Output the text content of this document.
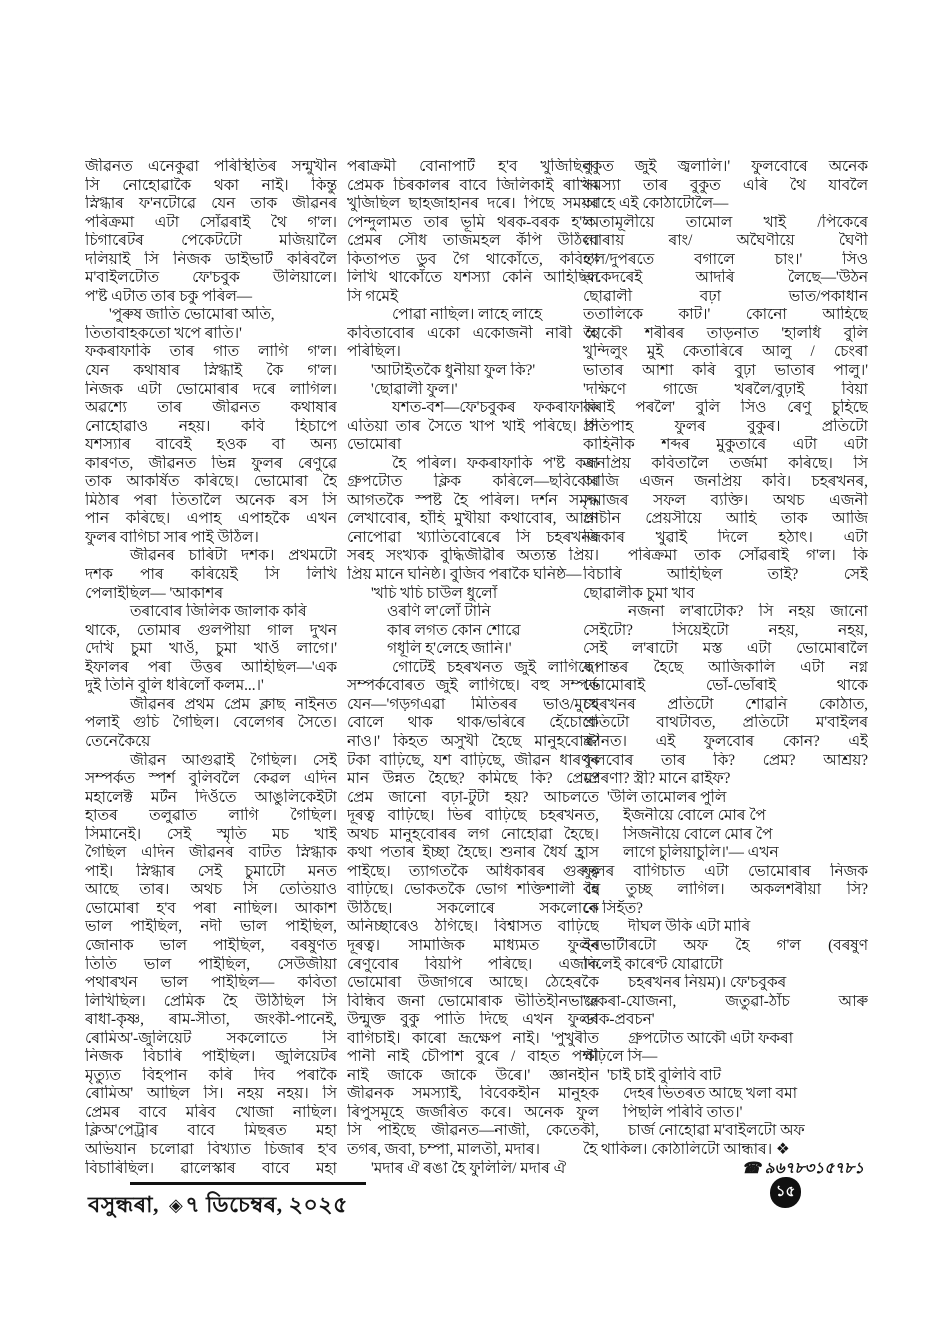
জীৱনত এনেকুৱা পৰিস্থিতিৰ সন্মুখীন
সি নোহোৱাকৈ থকা নাই। কিন্তু
স্নিগ্ধাৰ ফ'নটোৱে যেন তাক জীৱনৰ
পৰিক্ৰমা এটা সোঁৱৰাই থৈ গ'ল।
চিগাৰেটৰ পেকেটটো মজিয়ালৈ
দলিয়াই সি নিজক ডাইভাৰ্ট কৰিবলৈ
ম'বাইলটোত ফে'চবুক উলিয়ালে।
প'ষ্ট এটাত তাৰ চকু পৰিল—
'পুৰুষ জাতি ভোমোৰা অতি,
তিতাবাহকতো খপে ৰাতি।'
ফকৰাফাকি তাৰ গাত লাগি গ'ল।
যেন কথাষাৰ স্নিগ্ধাই কৈ গ'ল।
নিজক এটা ভোমোৰাৰ দৰে লাগিল।
অৱশ্যে তাৰ জীৱনত কথাষাৰ
নোহোৱাও নহয়। কবি হিচাপে
যশস্যাৰ বাবেই হওক বা অন্য
কাৰণত, জীৱনত ভিন্ন ফুলৰ ৰেণুৱে
তাক আকৰ্ষিত কৰিছে। ভোমোৰা হৈ
মিঠাৰ পৰা তিতালৈ অনেক ৰস সি
পান কৰিছে। এপাহ এপাহকৈ এখন
ফুলৰ বাগিচা সাৰ পাই উঠিল।
জীৱনৰ চাৰিটা দশক। প্ৰথমটো
দশক পাৰ কৰিয়েই সি লিখি
পেলাইছিল— 'আকাশৰ
তৰাবোৰ জিলিক জালাক কৰি
থাকে, তোমাৰ গুলপীয়া গাল দুখন
দেখি চুমা খাওঁ, চুমা খাওঁ লাগে।'
ইফালৰ পৰা উত্তৰ আহিছিল—'এক
দুই তিনি বুলি ধৰিলোঁ কলম...।'
জীৱনৰ প্ৰথম প্ৰেম ক্লাছ নাইনত
পলাই গুচি গৈছিল। বেলেগৰ সৈতে।
তেনেকৈয়ে
জীৱন আগুৱাই গৈছিল। সেই
সম্পৰ্কত স্পৰ্শ বুলিবলৈ কেৱল এদিন
মহালেক্ট মৰ্টন দিওঁতে আঙুলিকেইটা
হাতৰ তলুৱাত লাগি গৈছিল।
সিমানেই। সেই স্মৃতি মচ খাই
গৈছিল এদিন জীৱনৰ বাটত স্নিগ্ধাক
পাই। স্নিগ্ধাৰ সেই চুমাটো মনত
আছে তাৰ। অথচ সি তেতিয়াও
ভোমোৰা হ'ব পৰা নাছিল। আকাশ
ভাল পাইছিল, নদী ভাল পাইছিল,
জোনাক ভাল পাইছিল, বৰষুণত
তিতি ভাল পাইছিল, সেউজীয়া
পথাৰখন ভাল পাইছিল— কবিতা
লিখিছিল। প্ৰেমিক হৈ উঠিছিল সি
ৰাধা-কৃষ্ণ, ৰাম-সীতা, জংকী-পানেই,
ৰোমিঅ'-জুলিয়েট সকলোতে সি
নিজক বিচাৰি পাইছিল। জুলিয়েটৰ
মৃত্যুত বিহপান কৰি দিব পৰাকৈ
ৰোমিঅ' আছিল সি। নহয় নহয়। সি
প্ৰেমৰ বাবে মৰিব খোজা নাছিল।
ক্লিঅ'পেট্ৰাৰ বাবে মিছৰত মহা
অভিযান চলোৱা বিখ্যাত চিজাৰ হ'ব
বিচাৰিছিল। ৱালেস্কাৰ বাবে মহা
পৰাক্ৰমী বোনাপাৰ্ট হ'ব খুজিছিল।
প্ৰেমক চিৰকালৰ বাবে জিলিকাই ৰাখিব
খুজিছিল ছাহজাহানৰ দৰে। পিছে সময়ৰ
পেন্দুলামত তাৰ ভূমি থৰক-বৰক হ'ল।
প্ৰেমৰ সৌধ তাজমহল কঁপি উঠিল।
কিতাপত ডুব গৈ থাকোঁতে, কবিতা
লিখি থাকোঁতে যশস্যা কেনি আহিছিল
সি গমেই
পোৱা নাছিল। লাহে লাহে
কবিতাবোৰ একো একোজনী নাৰী হৈ
পৰিছিল।
'আটাইতকৈ ধুনীয়া ফুল কি?'
'ছোৱালী ফুল।'
যশত-বশ—ফে'চবুকৰ ফকৰাফাকি
এতিয়া তাৰ সৈতে খাপ খাই পৰিছে। সি
ভোমোৰা
হৈ পৰিল। ফকৰাফাকি প'ষ্ট কৰা
গ্ৰুপটোত ক্লিক কৰিলে—ছবিবোৰ
আগতকৈ স্পষ্ট হৈ পৰিল। দৰ্শন সমৃদ্ধ
লেখাবোৰ, হাঁহি মুখীয়া কথাবোৰ, আনে
নোপোৱা খ্যাতিবোৰেৰে সি চহৰখনৰ
সৰহ সংখ্যক বুদ্ধিজীৱীৰ অত্যন্ত প্ৰিয়।
প্ৰিয় মানে ঘনিষ্ঠ। বুজিব পৰাকৈ ঘনিষ্ঠ—
'খচি খচি চাউল ধুলোঁ
ওৰণি ল'লোঁ টানি
কাৰ লগত কোন শোৱে
গধূলি হ'লেহে জানি।'
গোটেই চহৰখনত জুই লাগিছে।
সম্পৰ্কবোৰত জুই লাগিছে। বহু সম্পৰ্ক
যেন—'গড়গএৱা মিতিৰৰ ভাও/মুখে
বোলে থাক থাক/ভৰিৰে হেঁচোকে
নাও।' কিহত অসুখী হৈছে মানুহবোৰ?
টকা বাঢ়িছে, যশ বাঢ়িছে, জীৱন ধাৰণৰ
মান উন্নত হৈছে? কমিছে কি? প্ৰেম?
প্ৰেম জানো বঢ়া-টুটা হয়? আচলতে
দূৰত্ব বাঢ়িছে। ভিৰ বাঢ়িছে চহৰখনত,
অথচ মানুহবোৰৰ লগ নোহোৱা হৈছে।
কথা পতাৰ ইচ্ছা হৈছে। শুনাৰ ধৈৰ্য হ্ৰাস
পাইছে। ত্যাগতকৈ অধিকাৰৰ গুৰুত্ব
বাঢ়িছে। ভোকতকৈ ভোগ শক্তিশালী হৈ
উঠিছে। সকলোৰে সকলোকে
অনিচ্ছাৰেও ঠগিছে। বিশ্বাসত বাঢ়িছে
দূৰত্ব। সামাজিক মাধ্যমত ফুলৰ
ৰেণুবোৰ বিয়পি পৰিছে। এজাক
ভোমোৰা উজাগৰে আছে। ঠেহেৰকৈ
বিন্ধিব জনা ভোমোৰাক ভীতিহীনভাৱে
উন্মুক্ত বুকু পাতি দিছে এখন ফুলৰ
বাগিচাই। কাৰো ভ্ৰূক্ষেপ নাই। 'পুখুৰীত
পানী নাই চৌপাশ বুৰে / বাহত পক্ষী
নাই জাকে জাকে উৰে।' জ্ঞানহীন
জীৱনক সমস্যাই, বিবেকহীন মানুহক
ৰিপুসমূহে জৰ্জৰিত কৰে। অনেক ফুল
সি পাইছে জীৱনত—নাজী, কেতেকী,
তগৰ, জবা, চম্পা, মালতী, মদাৰ।
'মদাৰ ঐ ৰঙা হৈ ফুলিলি/ মদাৰ ঐ
বুকুত জুই জ্বলালি।' ফুলবোৰে অনেক
সমস্যা তাৰ বুকুত এৰি থৈ যাবলৈ
আহে এই কোঠাটোলৈ—
'অতামূলীয়ে তামোল খাই /পিকেৰে
বোৰায় ৰাং/ অঘৈণীয়ে ঘৈণী
হ'ল/দুপৰতে বগালে চাং।' সিও
একেদৰেই আদৰি লৈছে—'উঠন
ছোৱালী বঢ়া ভাত/পকাধান
ততালিকে কাট।' কোনো আহিছে
আকৌ শৰীৰৰ তাড়নাত 'হালধি বুলি
খুন্দিলুং মুই কেতাৰিৰে আলু / চেংৰা
ভাতাৰ আশা কৰি বুঢ়া ভাতাৰ পালু।'
'দক্ষিণে গাজে খৰলৈ/বুঢ়াই বিয়া
কৰাই পৰলৈ' বুলি সিও ৰেণু চুহিছে
প্ৰতিপাহ ফুলৰ বুকুৰ। প্ৰতিটো
কাহিনীক শব্দৰ মুকুতাৰে এটা এটা
জনপ্ৰিয় কবিতালৈ তৰ্জমা কৰিছে। সি
আজি এজন জনপ্ৰিয় কবি। চহৰখনৰ,
সমাজৰ সফল ব্যক্তি। অথচ এজনী
প্ৰাচীন প্ৰেয়সীয়ে আহি তাক আজি
জিকাৰ খুৱাই দিলে হঠাৎ। এটা
পৰিক্ৰমা তাক সোঁৱৰাই গ'ল। কি
বিচাৰি আহিছিল তাই? সেই
ছোৱালীক চুমা খাব
নজনা ল'ৰাটোক? সি নহয় জানো
সেইটো? সিয়েইটো নহয়, নহয়,
সেই ল'ৰাটো মস্ত এটা ভোমোৰালৈ
ৰূপান্তৰ হৈছে আজিকালি এটা নগ্ন
ভোমোৰাই ভোঁ-ভোঁৰাই থাকে
চহৰখনৰ প্ৰতিটো শোৱনি কোঠাত,
প্ৰতিটো বাথটাবত, প্ৰতিটো ম'বাইলৰ
স্ক্ৰীনত। এই ফুলবোৰ কোন? এই
ফুলবোৰ তাৰ কি? প্ৰেম? আশ্ৰয়?
প্ৰেৰণা? স্ত্ৰী? মানে ৱাইফ?
'উলি তামোলৰ পুলি
ইজনীয়ে বোলে মোৰ পৈ
সিজনীয়ে বোলে মোৰ পৈ
লাগে চুলিয়াচুলি।'— এখন
ফুলৰ বাগিচাত এটা ভোমোৰাৰ নিজক
বৰ তুচ্ছ লাগিল। অকলশৰীয়া সি?
নে সিহঁত?
দীঘল উকি এটা মাৰি
ইনভাৰ্টাৰটো অফ হৈ গ'ল (বৰষুণ
দিলেই কাৰেণ্ট যোৱাটো
চহৰখনৰ নিয়ম)। ফে'চবুকৰ
'ফকৰা-যোজনা, জতুৱা-ঠাঁচ আৰু
ডাক-প্ৰবচন'
গ্ৰুপটোত আকৌ এটা ফকৰা
পঢ়িলে সি—
'চাই চাই বুলিবি বাট
দেহৰ ভিতৰত আছে খলা বমা
পিছলি পৰিবি তাত।'
চাৰ্জ নোহোৱা ম'বাইলটো অফ
হৈ থাকিল। কোঠালিটো আন্ধাৰ। ❖
☎ ৯৬৭৮৩১৫৭৮১
বসুন্ধৰা, ◈৭ ডিচেম্বৰ, ২০২৫	১৫
